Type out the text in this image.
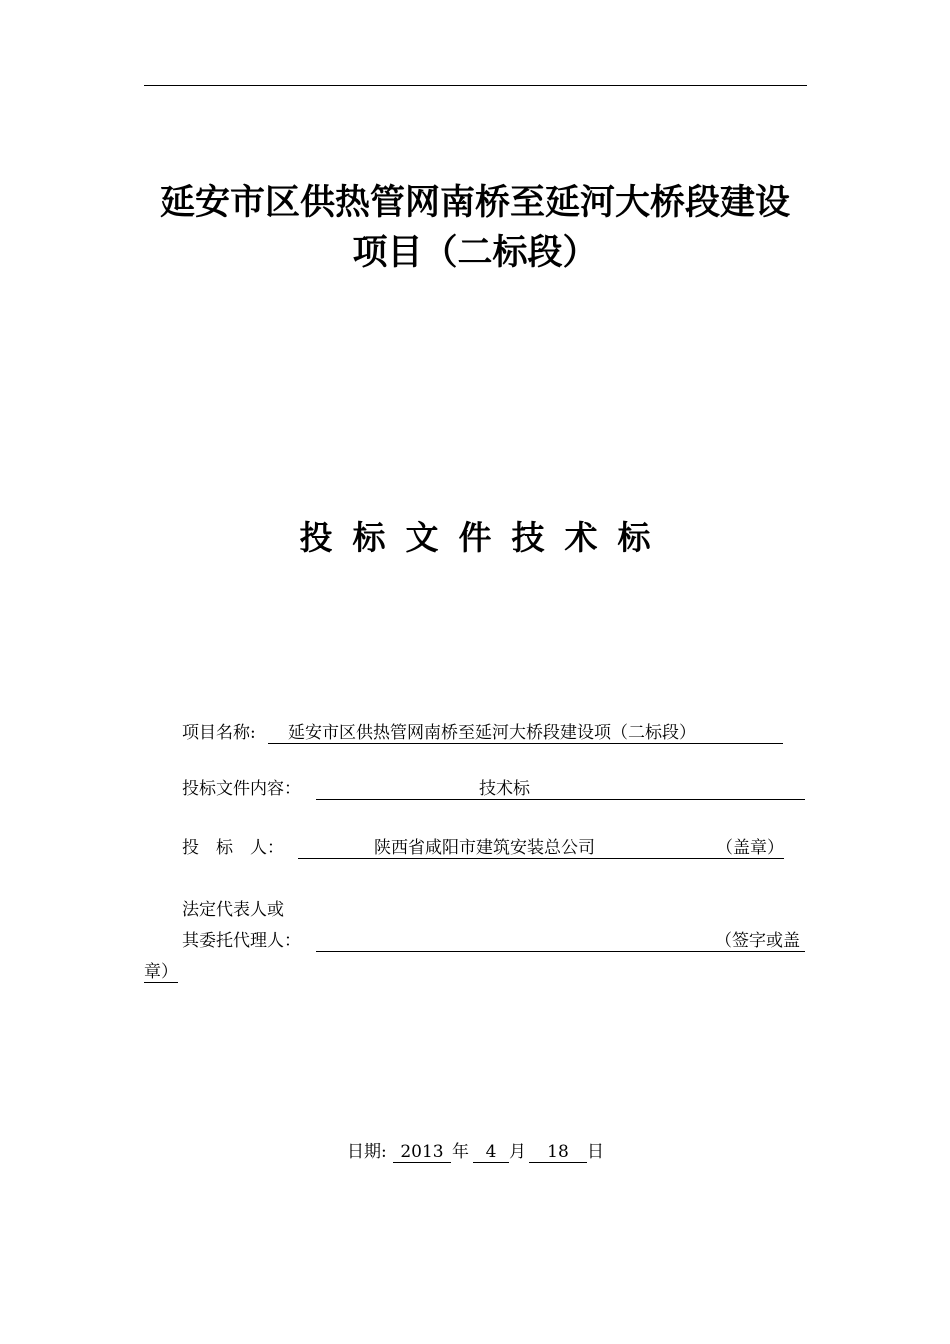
延安市区供热管网南桥至延河大桥段建设
项目（二标段）
投标文件技术标
项目名称: 延安市区供热管网南桥至延河大桥段建设项（二标段）
投标文件内容：	技术标
投　标　人：	陕西省咸阳市建筑安装总公司	（盖章）
法定代表人或
其委托代理人：	（签字或盖
章）
日期: 2013 年 4 月	18	日
